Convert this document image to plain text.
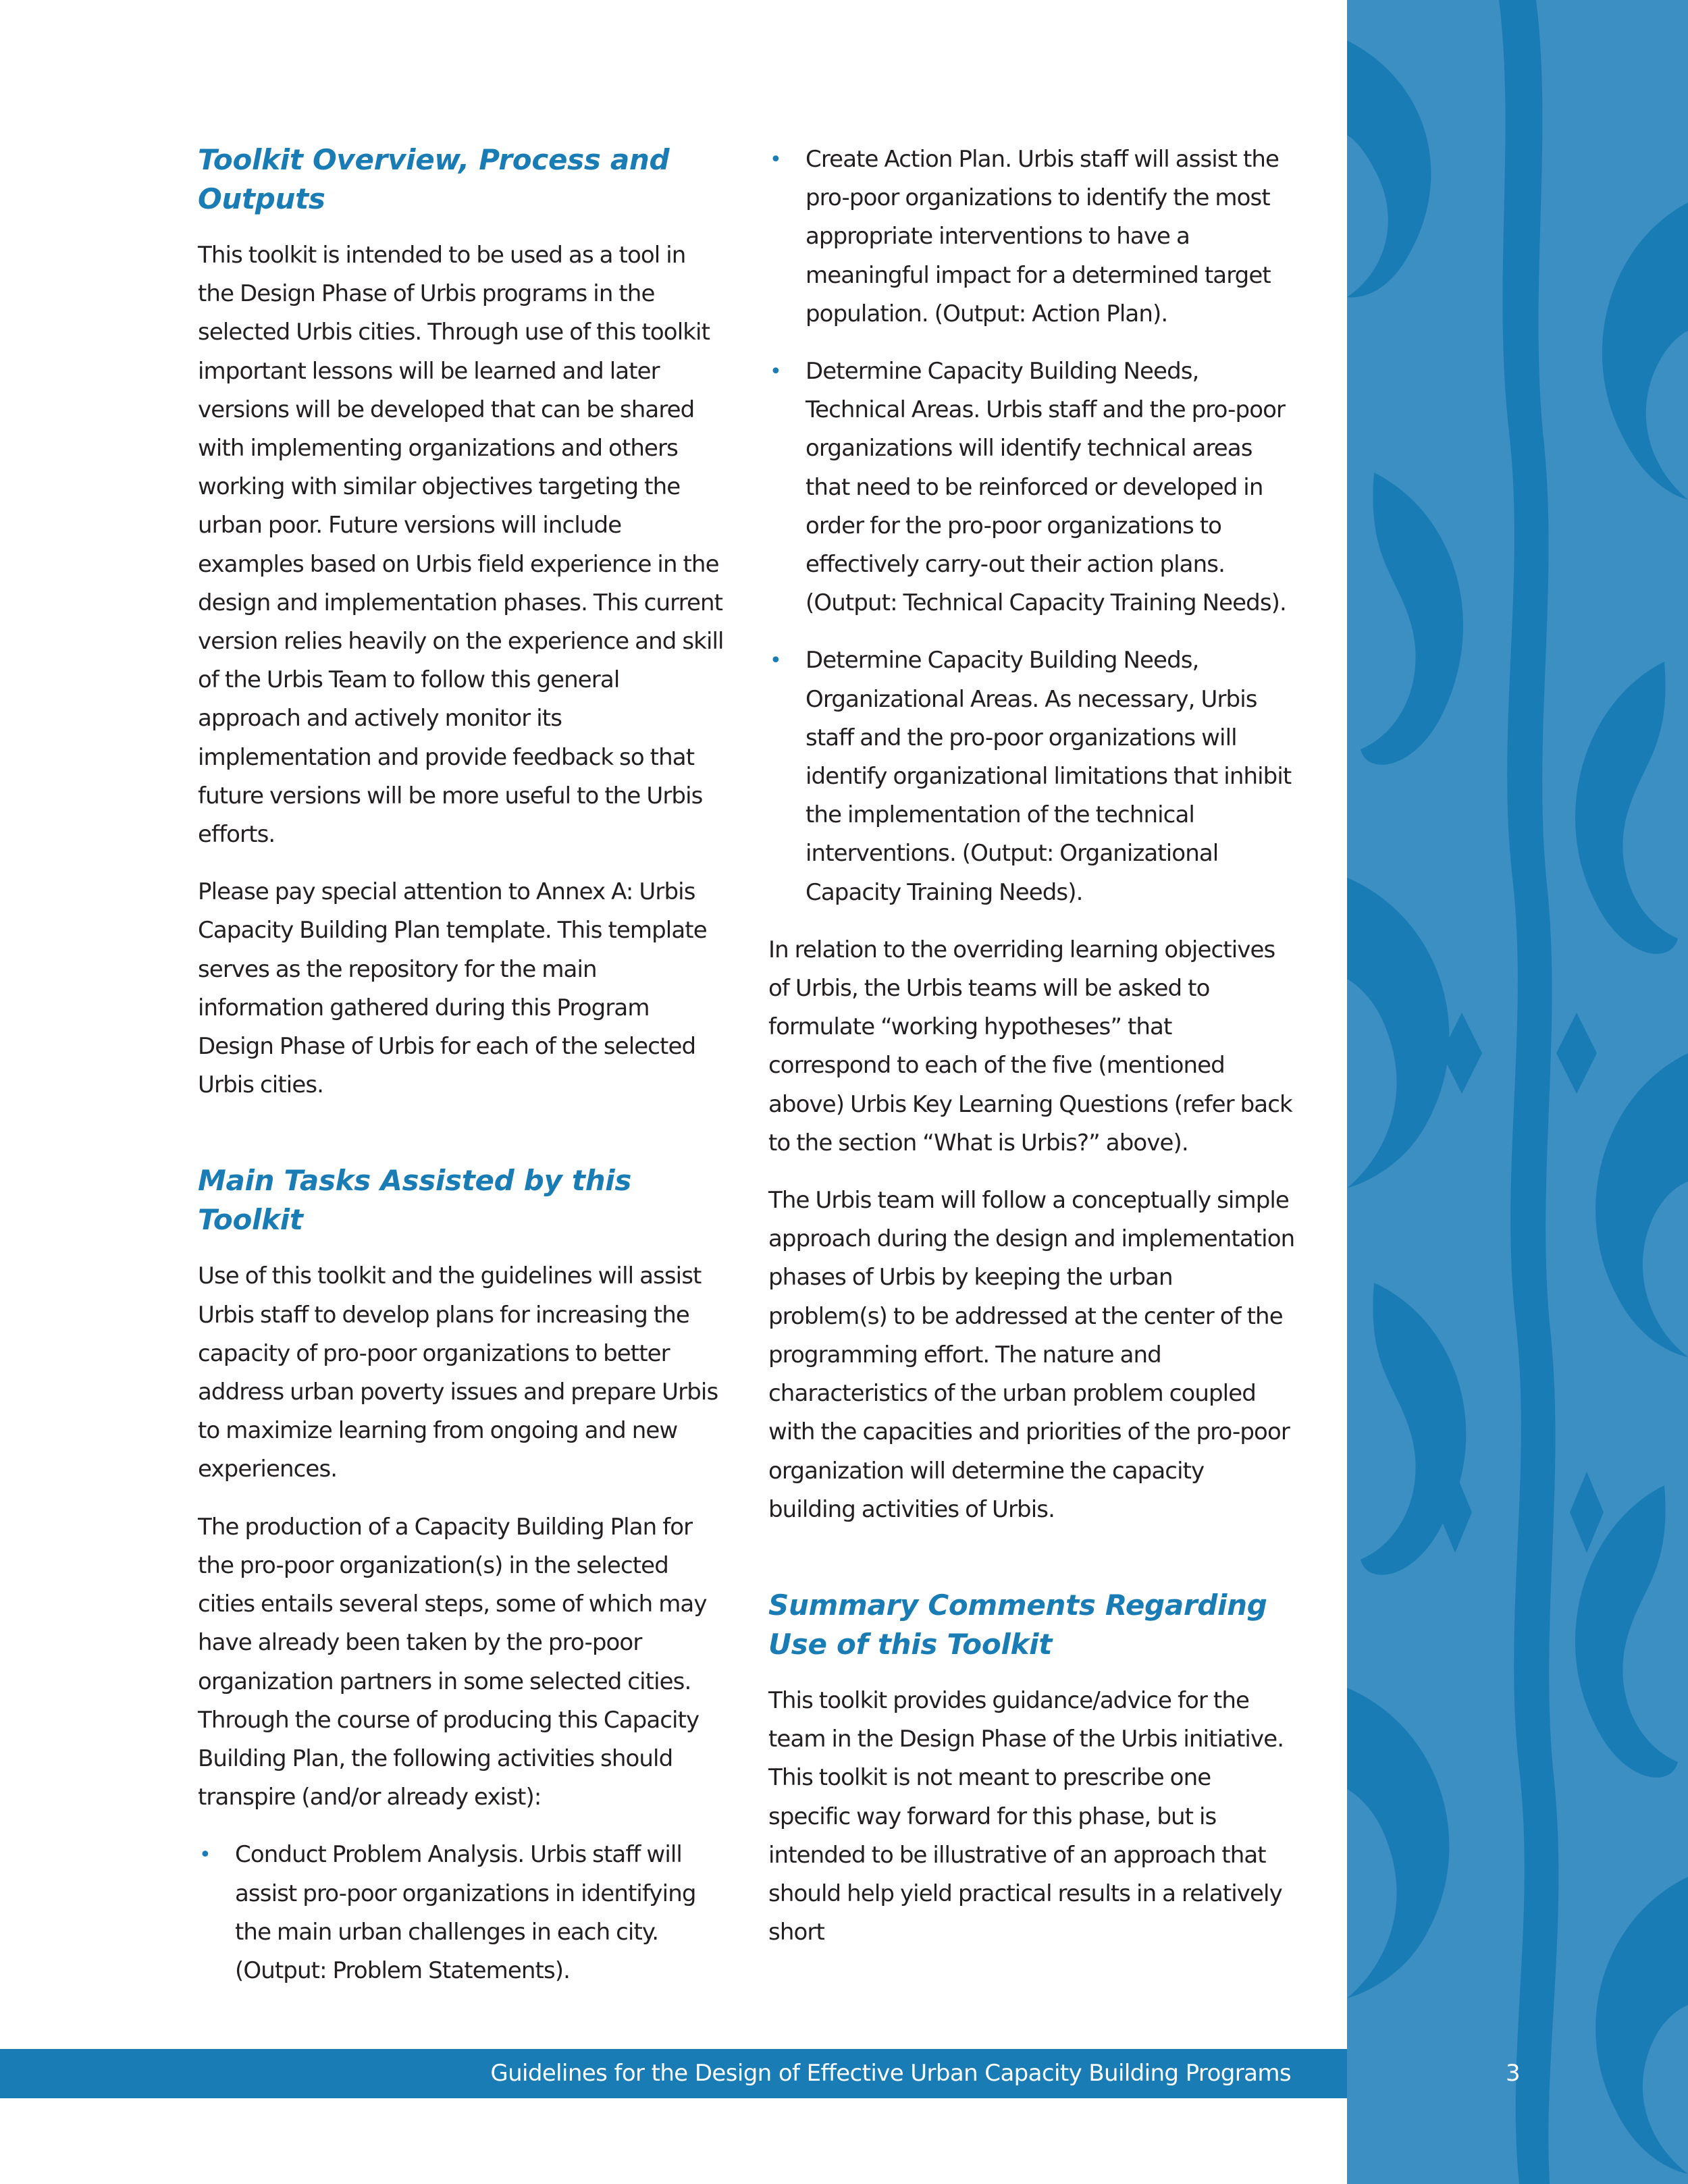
Toolkit Overview, Process and Outputs

This toolkit is intended to be used as a tool in the Design Phase of Urbis programs in the selected Urbis cities. Through use of this toolkit important lessons will be learned and later versions will be developed that can be shared with implementing organizations and others working with similar objectives targeting the urban poor. Future versions will include examples based on Urbis field experience in the design and implementation phases. This current version relies heavily on the experience and skill of the Urbis Team to follow this general approach and actively monitor its implementation and provide feedback so that future versions will be more useful to the Urbis efforts.

Please pay special attention to Annex A: Urbis Capacity Building Plan template. This template serves as the repository for the main information gathered during this Program Design Phase of Urbis for each of the selected Urbis cities.

Main Tasks Assisted by this Toolkit

Use of this toolkit and the guidelines will assist Urbis staff to develop plans for increasing the capacity of pro-poor organizations to better address urban poverty issues and prepare Urbis to maximize learning from ongoing and new experiences.

The production of a Capacity Building Plan for the pro-poor organization(s) in the selected cities entails several steps, some of which may have already been taken by the pro-poor organization partners in some selected cities. Through the course of producing this Capacity Building Plan, the following activities should transpire (and/or already exist):

• Conduct Problem Analysis. Urbis staff will assist pro-poor organizations in identifying the main urban challenges in each city. (Output: Problem Statements).
• Create Action Plan. Urbis staff will assist the pro-poor organizations to identify the most appropriate interventions to have a meaningful impact for a determined target population. (Output: Action Plan).
• Determine Capacity Building Needs, Technical Areas. Urbis staff and the pro-poor organizations will identify technical areas that need to be reinforced or developed in order for the pro-poor organizations to effectively carry-out their action plans. (Output: Technical Capacity Training Needs).
• Determine Capacity Building Needs, Organizational Areas. As necessary, Urbis staff and the pro-poor organizations will identify organizational limitations that inhibit the implementation of the technical interventions. (Output: Organizational Capacity Training Needs).

In relation to the overriding learning objectives of Urbis, the Urbis teams will be asked to formulate “working hypotheses” that correspond to each of the five (mentioned above) Urbis Key Learning Questions (refer back to the section “What is Urbis?” above).

The Urbis team will follow a conceptually simple approach during the design and implementation phases of Urbis by keeping the urban problem(s) to be addressed at the center of the programming effort. The nature and characteristics of the urban problem coupled with the capacities and priorities of the pro-poor organization will determine the capacity building activities of Urbis.

Summary Comments Regarding Use of this Toolkit

This toolkit provides guidance/advice for the team in the Design Phase of the Urbis initiative. This toolkit is not meant to prescribe one specific way forward for this phase, but is intended to be illustrative of an approach that should help yield practical results in a relatively short

Guidelines for the Design of Effective Urban Capacity Building Programs	3
